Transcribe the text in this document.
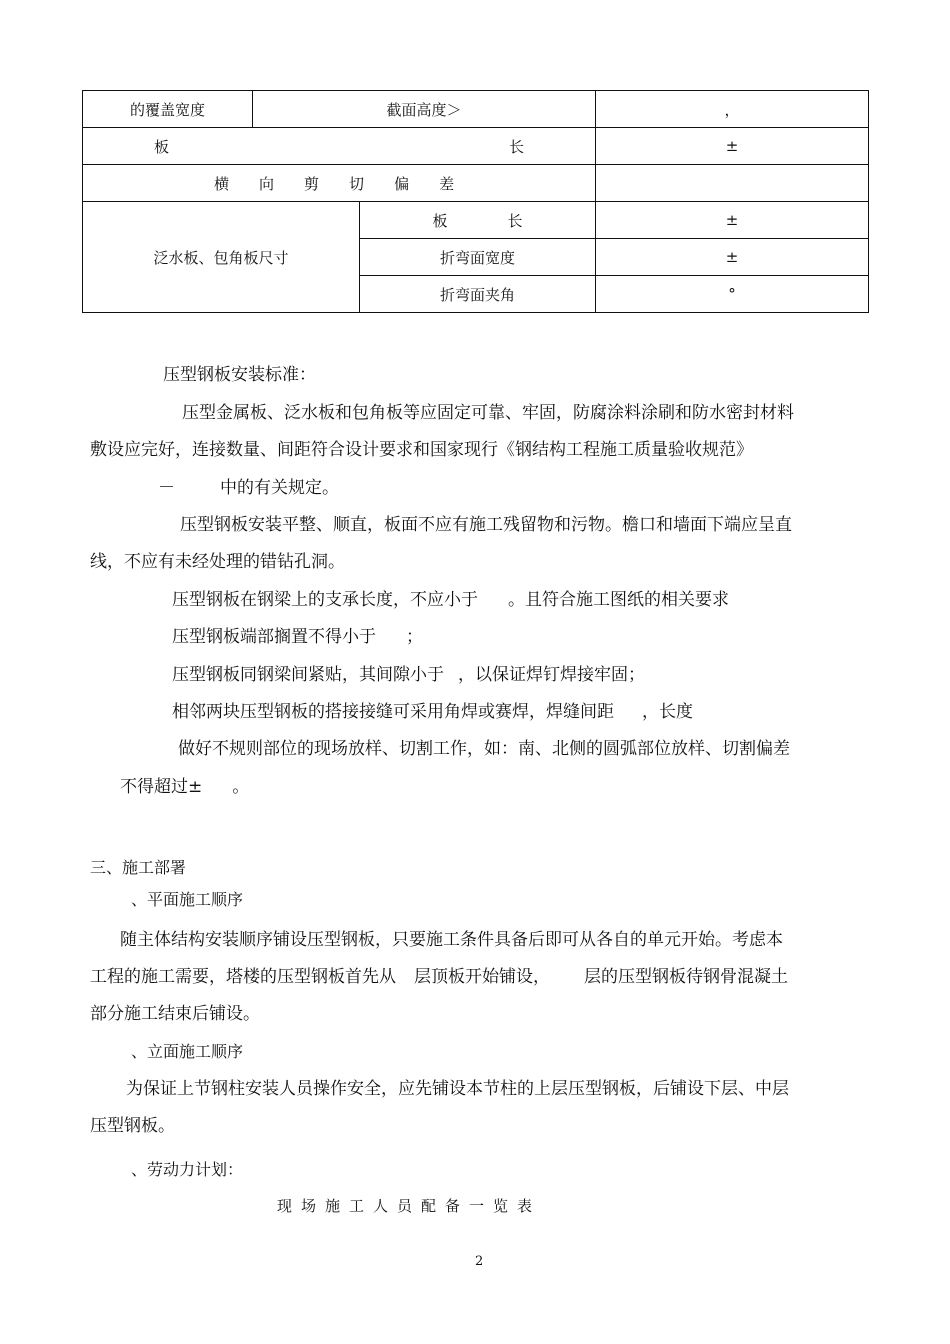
的覆盖宽度	截面高度＞		，
板 长			±
横 向 剪 切 偏 差			
泛水板、包角板尺寸		板 长	±
		折弯面宽度	±
		折弯面夹角	°
压型钢板安装标准：
压型金属板、泛水板和包角板等应固定可靠、牢固，防腐涂料涂刷和防水密封材料
敷设应完好，连接数量、间距符合设计要求和国家现行《钢结构工程施工质量验收规范》
－	中的有关规定。
压型钢板安装平整、顺直，板面不应有施工残留物和污物。檐口和墙面下端应呈直
线，不应有未经处理的错钻孔洞。
压型钢板在钢梁上的支承长度，不应小于 。且符合施工图纸的相关要求
压型钢板端部搁置不得小于 ；
压型钢板同钢梁间紧贴，其间隙小于 ，以保证焊钉焊接牢固；
相邻两块压型钢板的搭接接缝可采用角焊或赛焊，焊缝间距 ，长度
做好不规则部位的现场放样、切割工作，如：南、北侧的圆弧部位放样、切割偏差
不得超过± 。
三、施工部署
、平面施工顺序
随主体结构安装顺序铺设压型钢板，只要施工条件具备后即可从各自的单元开始。考虑本
工程的施工需要，塔楼的压型钢板首先从 层顶板开始铺设， 层的压型钢板待钢骨混凝土
部分施工结束后铺设。
、立面施工顺序
为保证上节钢柱安装人员操作安全，应先铺设本节柱的上层压型钢板，后铺设下层、中层
压型钢板。
、劳动力计划：
现场施工人员配备一览表
2
